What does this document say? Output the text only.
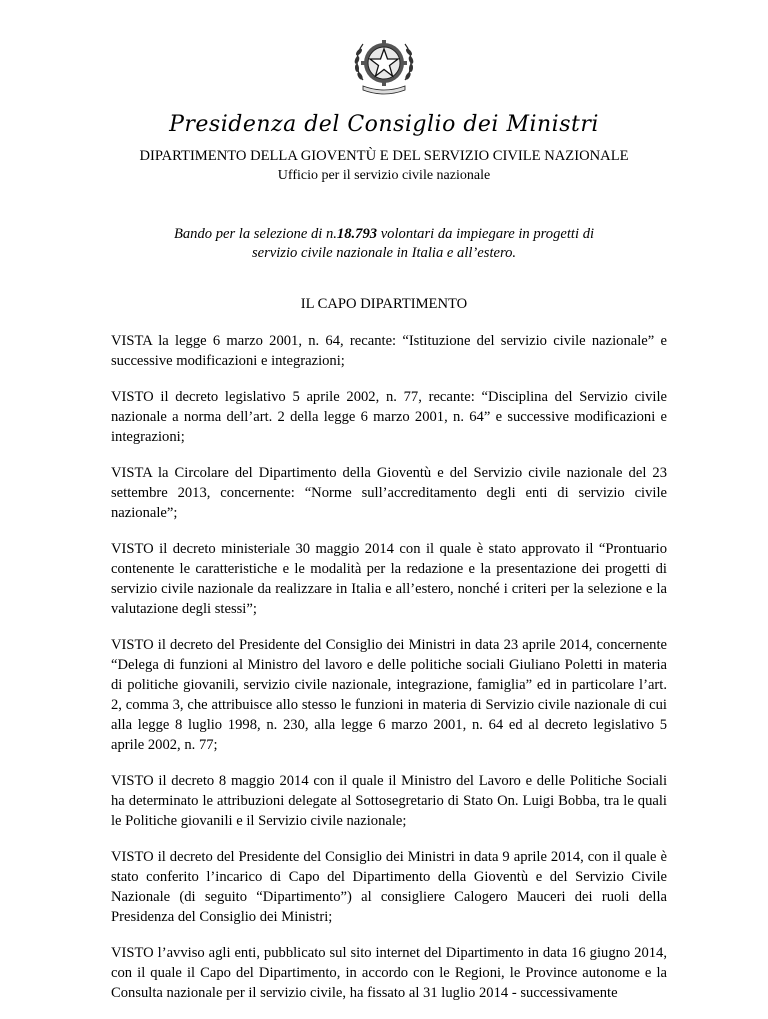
Presidenza del Consiglio dei Ministri
DIPARTIMENTO DELLA GIOVENTÙ E DEL SERVIZIO CIVILE NAZIONALE
Ufficio per il servizio civile nazionale
Bando per la selezione di n.18.793 volontari da impiegare in progetti di servizio civile nazionale in Italia e all’estero.
IL CAPO DIPARTIMENTO

VISTA la legge 6 marzo 2001, n. 64, recante: “Istituzione del servizio civile nazionale” e successive modificazioni e integrazioni;

VISTO il decreto legislativo 5 aprile 2002, n. 77, recante: “Disciplina del Servizio civile nazionale a norma dell’art. 2 della legge 6 marzo 2001, n. 64” e successive modificazioni e integrazioni;

VISTA la Circolare del Dipartimento della Gioventù e del Servizio civile nazionale del 23 settembre 2013, concernente: “Norme sull’accreditamento degli enti di servizio civile nazionale”;

VISTO il decreto ministeriale 30 maggio 2014 con il quale è stato approvato il “Prontuario contenente le caratteristiche e le modalità per la redazione e la presentazione dei progetti di servizio civile nazionale da realizzare in Italia e all’estero, nonché i criteri per la selezione e la valutazione degli stessi”;

VISTO il decreto del Presidente del Consiglio dei Ministri in data 23 aprile 2014, concernente “Delega di funzioni al Ministro del lavoro e delle politiche sociali Giuliano Poletti in materia di politiche giovanili, servizio civile nazionale, integrazione, famiglia” ed in particolare l’art. 2, comma 3, che attribuisce allo stesso le funzioni in materia di Servizio civile nazionale di cui alla legge 8 luglio 1998, n. 230, alla legge 6 marzo 2001, n. 64 ed al decreto legislativo 5 aprile 2002, n. 77;

VISTO il decreto 8 maggio 2014 con il quale il Ministro del Lavoro e delle Politiche Sociali ha determinato le attribuzioni delegate al Sottosegretario di Stato On. Luigi Bobba, tra le quali le Politiche giovanili e il Servizio civile nazionale;

VISTO il decreto del Presidente del Consiglio dei Ministri in data 9 aprile 2014, con il quale è stato conferito l’incarico di Capo del Dipartimento della Gioventù e del Servizio Civile Nazionale (di seguito “Dipartimento”) al consigliere Calogero Mauceri dei ruoli della Presidenza del Consiglio dei Ministri;

VISTO l’avviso agli enti, pubblicato sul sito internet del Dipartimento in data 16 giugno 2014, con il quale il Capo del Dipartimento, in accordo con le Regioni, le Province autonome e la Consulta nazionale per il servizio civile, ha fissato al 31 luglio 2014 - successivamente
